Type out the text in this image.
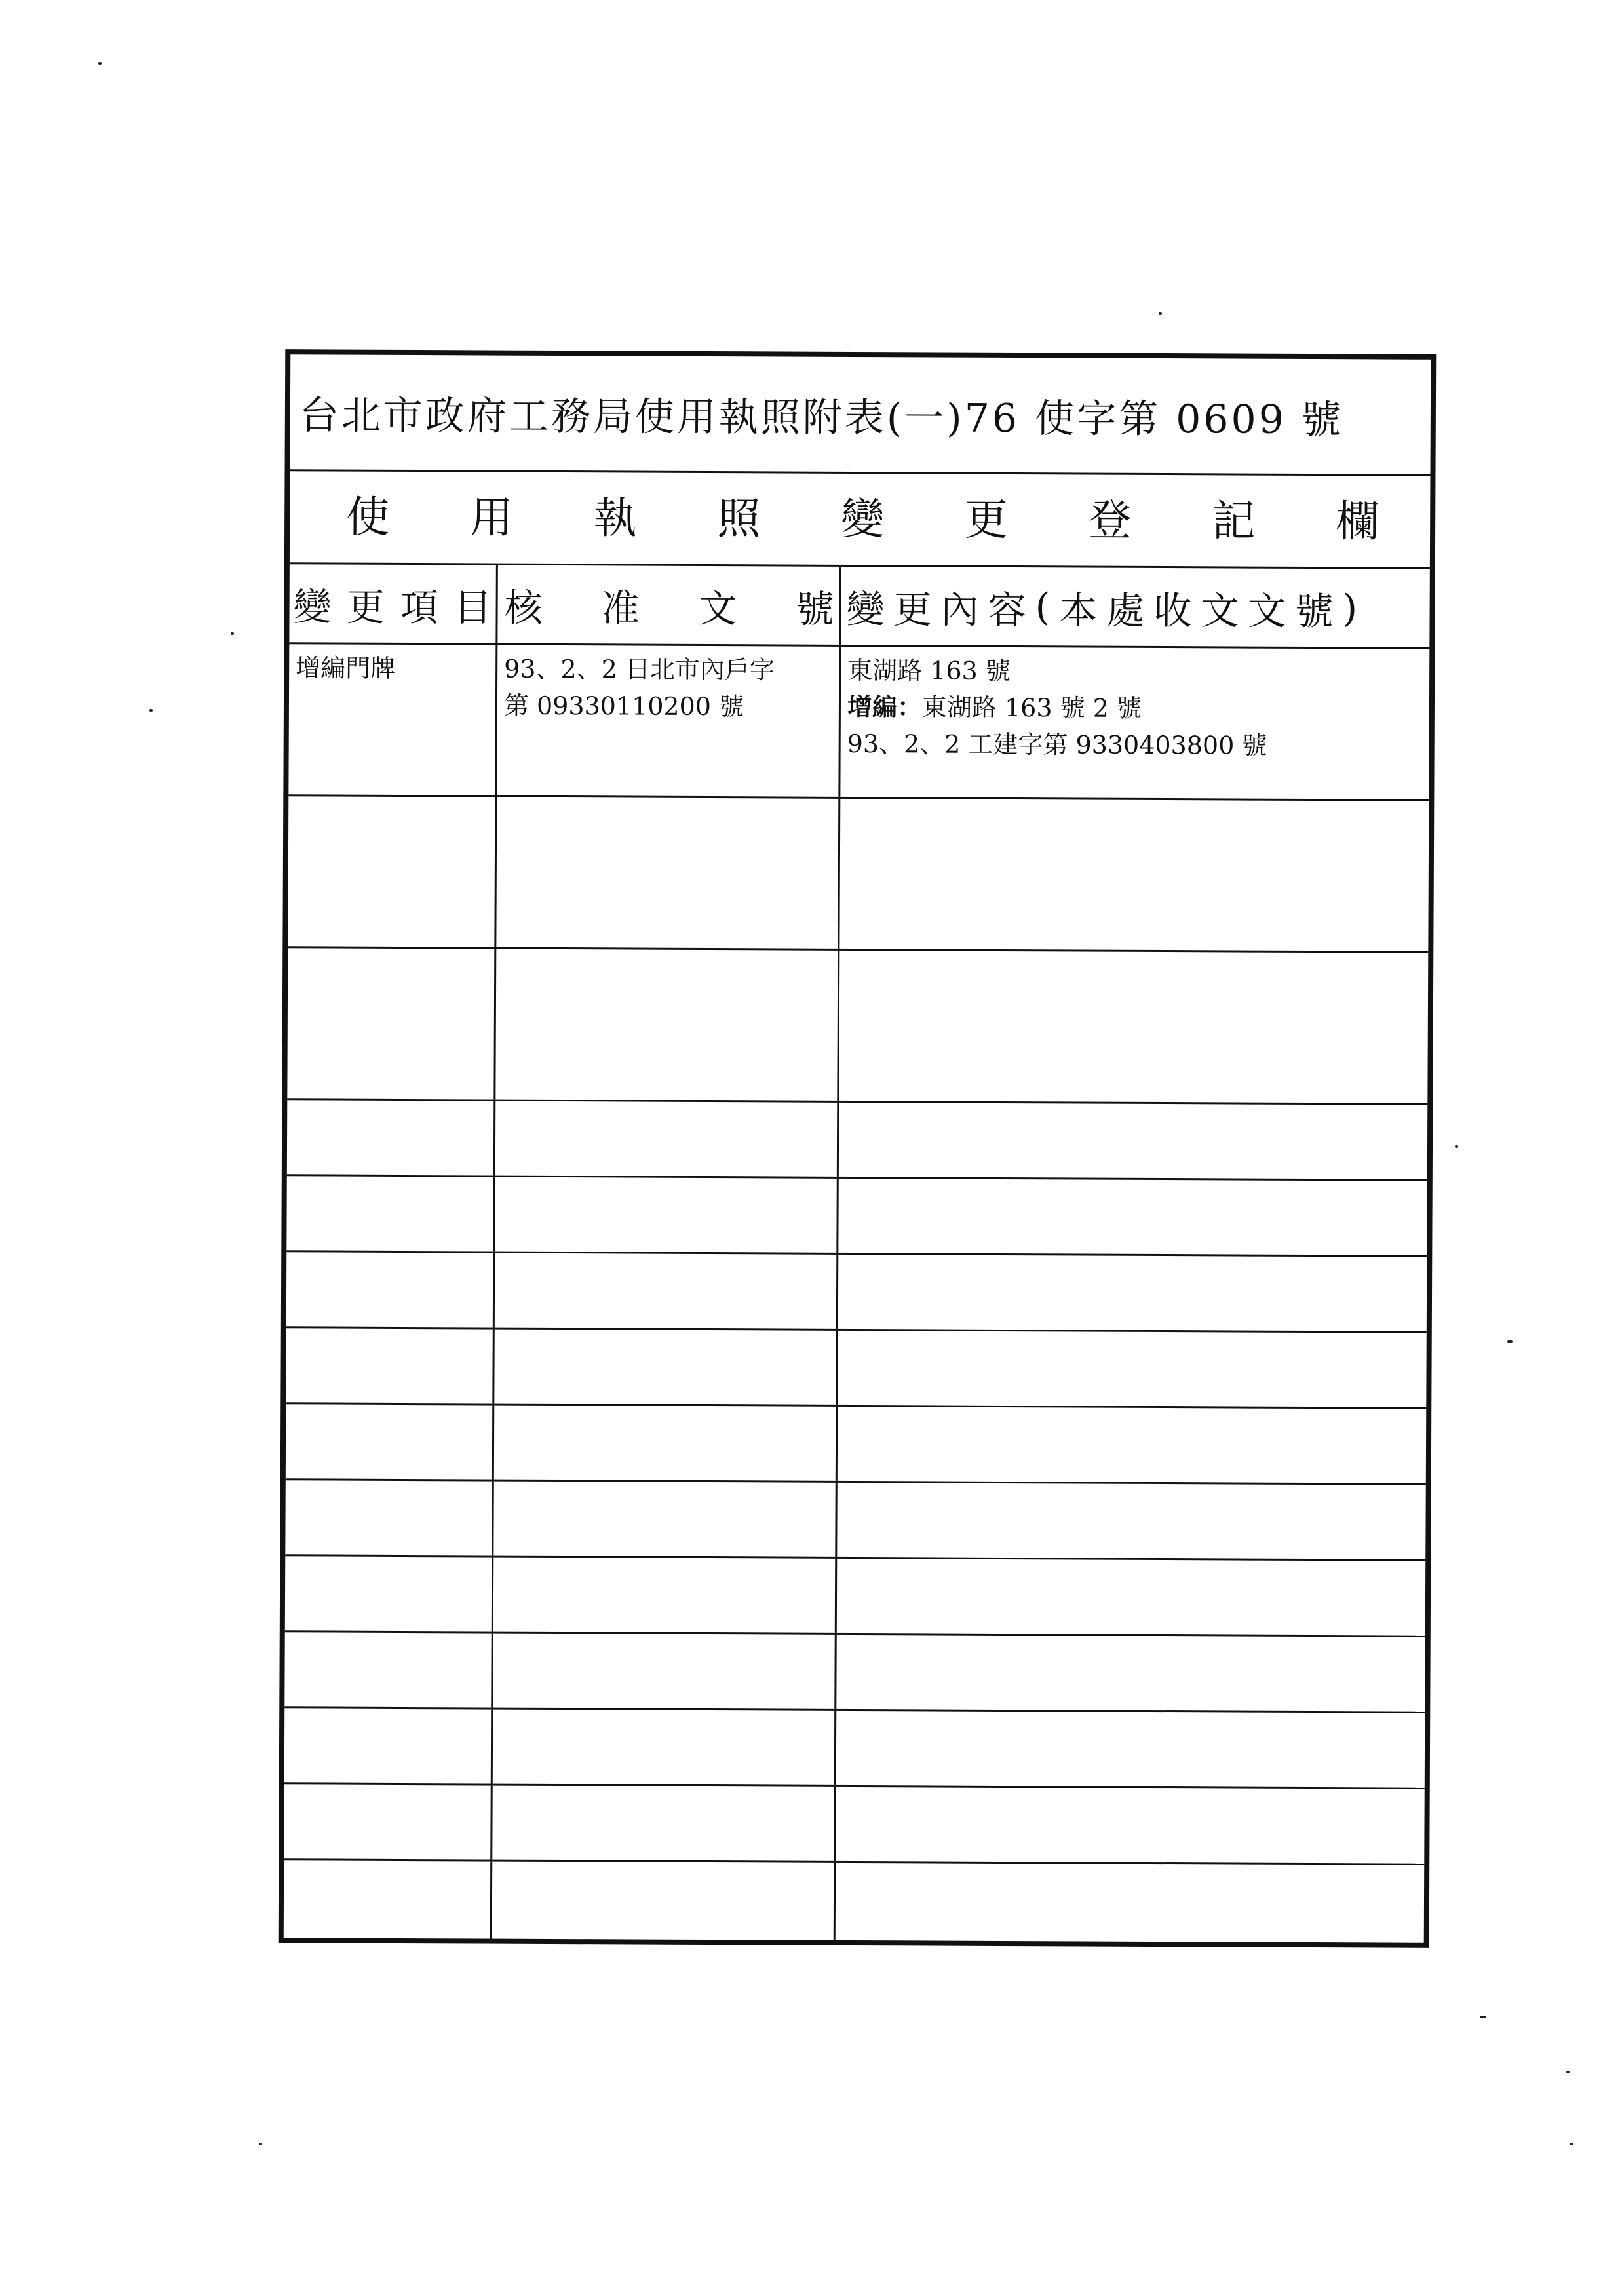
台北市政府工務局使用執照附表(一)76 使字第 0609 號
使 用 執 照 變 更 登 記 欄
變 更 項 目 核 准 文 號 變 更 內 容 ( 本 處 收 文 文 號 )
增編門牌	93、2、2 日北市內戶字
第 09330110200 號
東湖路 163 號
增編：東湖路 163 號 2 號
93、2、2 工建字第 9330403800 號
